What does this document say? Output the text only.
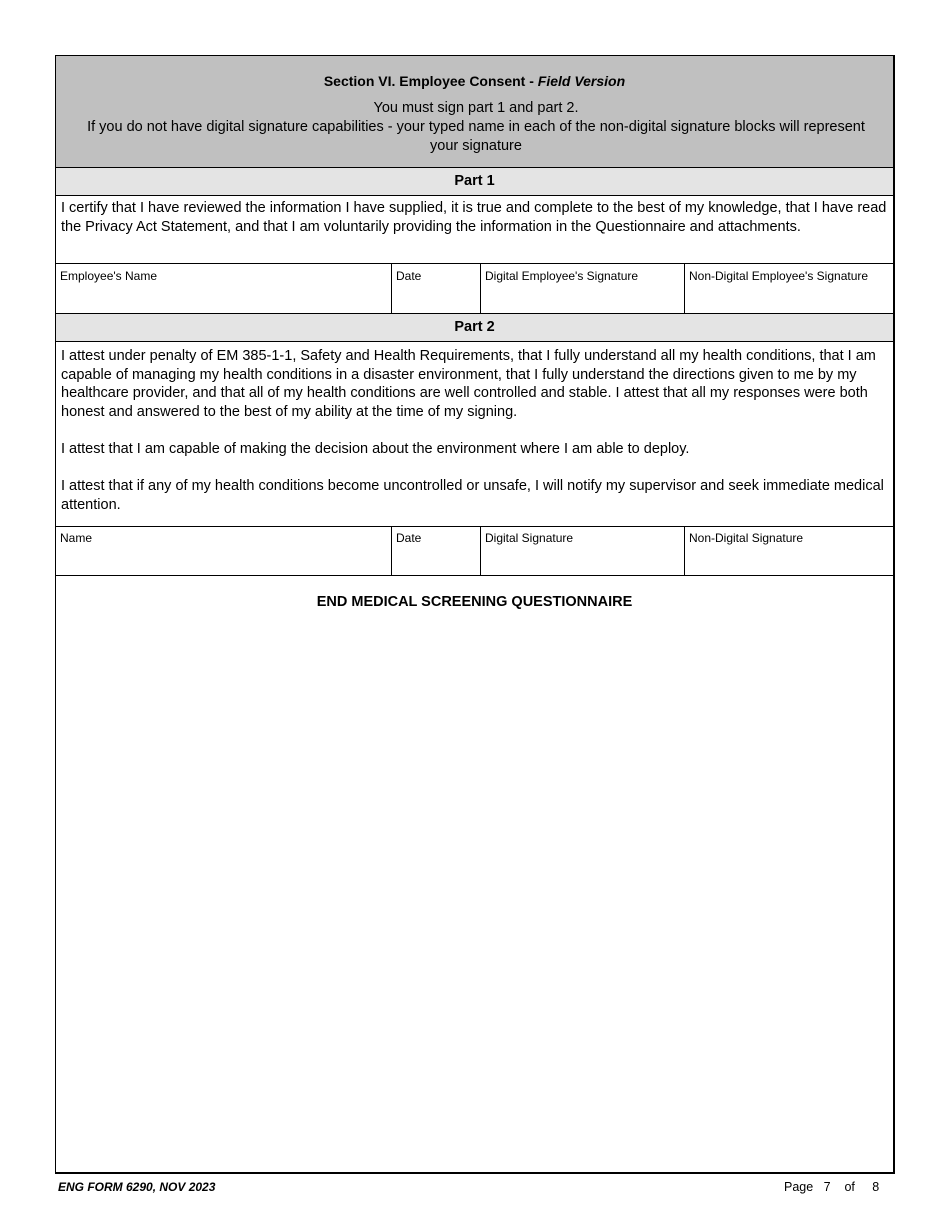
Section VI. Employee Consent - Field Version
You must sign part 1 and part 2.
If you do not have digital signature capabilities - your typed name in each of the non-digital signature blocks will represent your signature
Part 1

I certify that I have reviewed the information I have supplied, it is true and complete to the best of my knowledge, that I have read the Privacy Act Statement, and that I am voluntarily providing the information in the Questionnaire and attachments.

Employee's Name	Date	Digital Employee's Signature	Non-Digital Employee's Signature
Part 2

I attest under penalty of EM 385-1-1, Safety and Health Requirements, that I fully understand all my health conditions, that I am capable of managing my health conditions in a disaster environment, that I fully understand the directions given to me by my healthcare provider, and that all of my health conditions are well controlled and stable. I attest that all my responses were both honest and answered to the best of my ability at the time of my signing.

I attest that I am capable of making the decision about the environment where I am able to deploy.

I attest that if any of my health conditions become uncontrolled or unsafe, I will notify my supervisor and seek immediate medical attention.

Name	Date	Digital Signature	Non-Digital Signature
END MEDICAL SCREENING QUESTIONNAIRE
ENG FORM 6290, NOV 2023	Page 7 of 8
